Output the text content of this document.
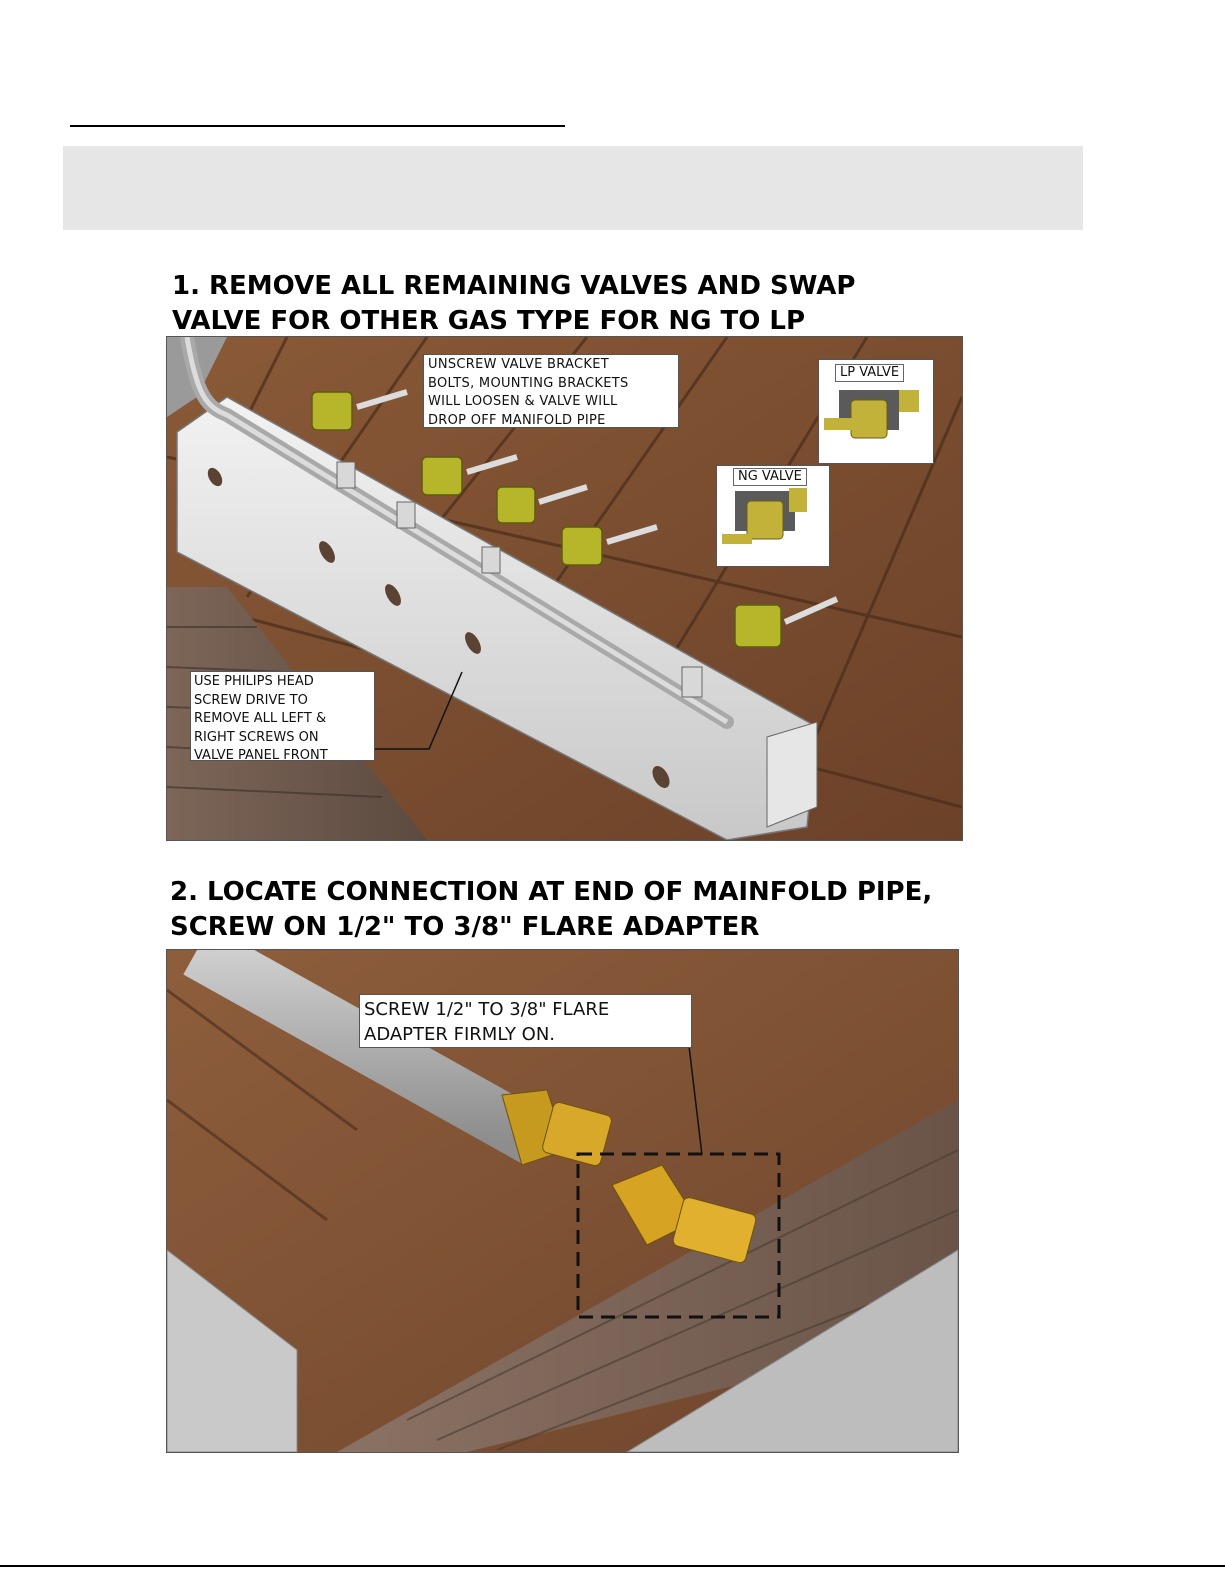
1. REMOVE ALL REMAINING VALVES AND SWAP
VALVE FOR OTHER GAS TYPE FOR NG TO LP
UNSCREW VALVE BRACKET
BOLTS, MOUNTING BRACKETS
WILL LOOSEN & VALVE WILL
DROP OFF MANIFOLD PIPE
USE PHILIPS HEAD
SCREW DRIVE TO
REMOVE ALL LEFT &
RIGHT SCREWS ON
VALVE PANEL FRONT
LP VALVE
NG VALVE
2. LOCATE CONNECTION AT END OF MAINFOLD PIPE,
SCREW ON 1/2" TO 3/8" FLARE ADAPTER
SCREW 1/2" TO 3/8" FLARE
ADAPTER FIRMLY ON.
